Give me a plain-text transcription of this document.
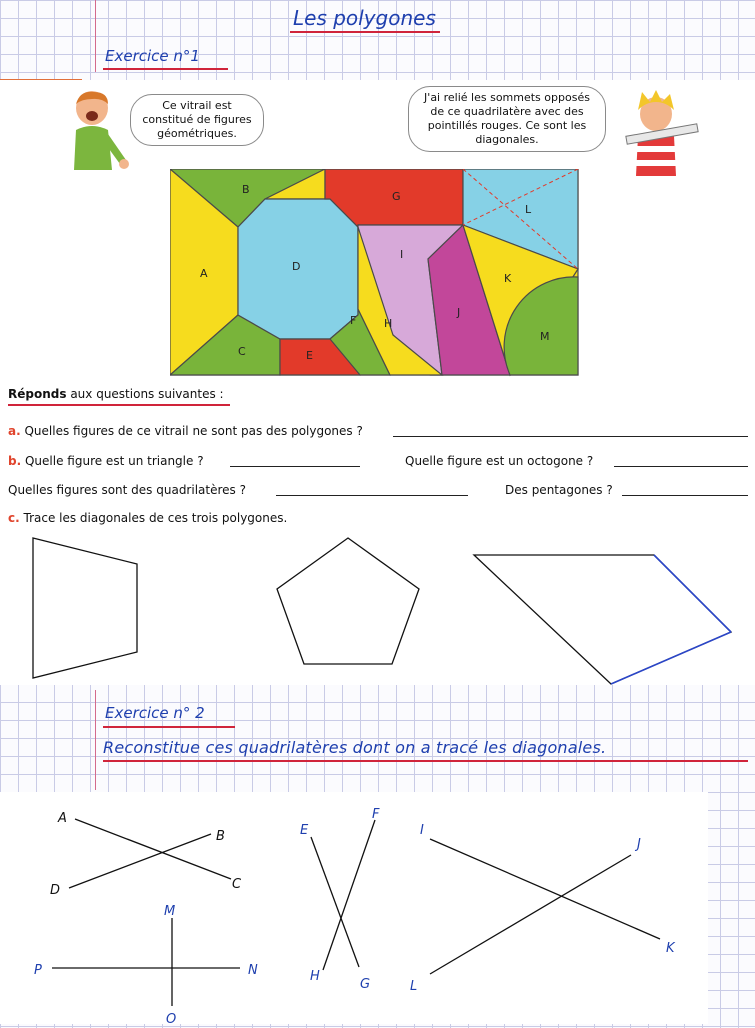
Les polygones
Exercice n°1
Ce vitrail est constitué de figures géométriques.
J'ai relié les sommets opposés de ce quadrilatère avec des pointillés rouges. Ce sont les diagonales.
A
B
C
D
E
F
G
H
I
J
K
L
M
Réponds aux questions suivantes :
a. Quelles figures de ce vitrail ne sont pas des polygones ?
b. Quelle figure est un triangle ?	Quelle figure est un octogone ?
Quelles figures sont des quadrilatères ?	Des pentagones ?
c. Trace les diagonales de ces trois polygones.
Exercice n° 2
Reconstitue ces quadrilatères dont on a tracé les diagonales.
A
B
C
D
M
N
O
P
E
F
G
H
I
J
K
L
